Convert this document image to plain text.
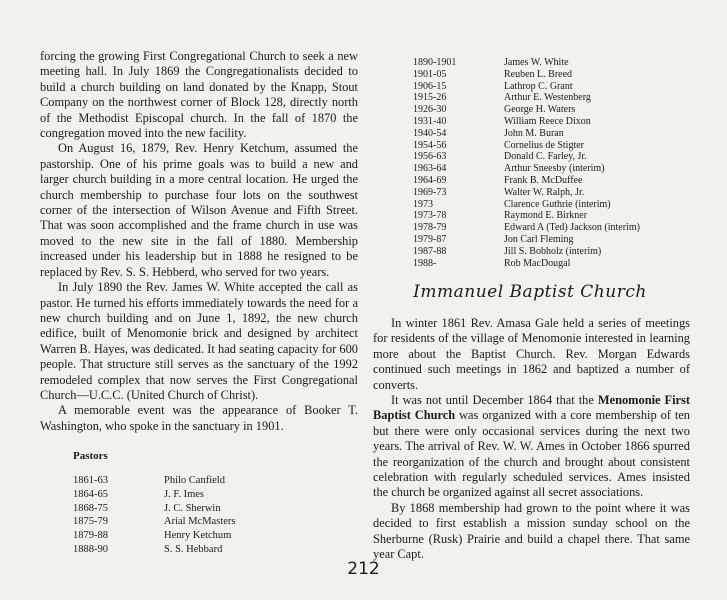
forcing the growing First Congregational Church to seek a new meeting hall. In July 1869 the Congregationalists decided to build a church building on land donated by the Knapp, Stout Company on the northwest corner of Block 128, directly north of the Methodist Episcopal church. In the fall of 1870 the congregation moved into the new facility.

On August 16, 1879, Rev. Henry Ketchum, assumed the pastorship. One of his prime goals was to build a new and larger church building in a more central location. He urged the church membership to purchase four lots on the southwest corner of the intersection of Wilson Avenue and Fifth Street. That was soon accomplished and the frame church in use was moved to the new site in the fall of 1880. Membership increased under his leadership but in 1888 he resigned to be replaced by Rev. S. S. Hebberd, who served for two years.

In July 1890 the Rev. James W. White accepted the call as pastor. He turned his efforts immediately towards the need for a new church building and on June 1, 1892, the new church edifice, built of Menomonie brick and designed by architect Warren B. Hayes, was dedicated. It had seating capacity for 600 people. That structure still serves as the sanctuary of the 1992 remodeled complex that now serves the First Congregational Church—U.C.C. (United Church of Christ).

A memorable event was the appearance of Booker T. Washington, who spoke in the sanctuary in 1901.

Pastors

1861-63	Philo Canfield
1864-65	J. F. Imes
1868-75	J. C. Sherwin
1875-79	Arial McMasters
1879-88	Henry Ketchum
1888-90	S. S. Hebbard
1890-1901	James W. White
1901-05	Reuben L. Breed
1906-15	Lathrop C. Grant
1915-26	Arthur E. Westenberg
1926-30	George H. Waters
1931-40	William Reece Dixon
1940-54	John M. Buran
1954-56	Cornelius de Stigter
1956-63	Donald C. Farley, Jr.
1963-64	Arthur Sneesby (interim)
1964-69	Frank B. McDuffee
1969-73	Walter W. Ralph, Jr.
1973	Clarence Guthrie (interim)
1973-78	Raymond E. Birkner
1978-79	Edward A (Ted) Jackson (interim)
1979-87	Jon Carl Fleming
1987-88	Jill S. Bobholz (interim)
1988-	Rob MacDougal
Immanuel Baptist Church

In winter 1861 Rev. Amasa Gale held a series of meetings for residents of the village of Menomonie interested in learning more about the Baptist Church. Rev. Morgan Edwards continued such meetings in 1862 and baptized a number of converts.

It was not until December 1864 that the Menomonie First Baptist Church was organized with a core membership of ten but there were only occasional services during the next two years. The arrival of Rev. W. W. Ames in October 1866 spurred the reorganization of the church and brought about consistent celebration with regularly scheduled services. Ames insisted the church be organized against all secret associations.

By 1868 membership had grown to the point where it was decided to first establish a mission sunday school on the Sherburne (Rusk) Prairie and build a chapel there. That same year Capt.

212
